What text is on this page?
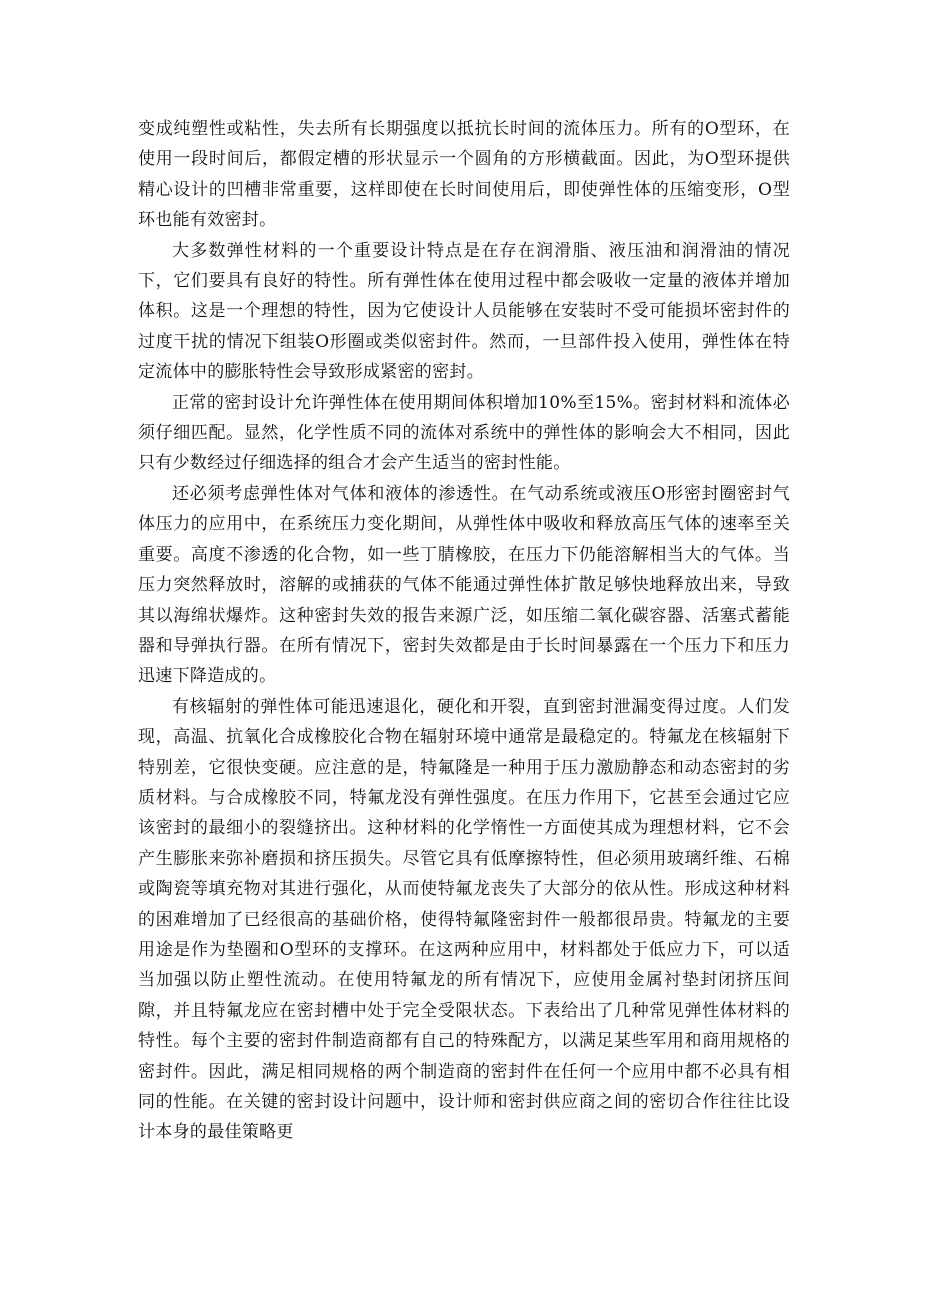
变成纯塑性或粘性，失去所有长期强度以抵抗长时间的流体压力。所有的O型环，在使用一段时间后，都假定槽的形状显示一个圆角的方形横截面。因此，为O型环提供精心设计的凹槽非常重要，这样即使在长时间使用后，即使弹性体的压缩变形，O型环也能有效密封。

大多数弹性材料的一个重要设计特点是在存在润滑脂、液压油和润滑油的情况下，它们要具有良好的特性。所有弹性体在使用过程中都会吸收一定量的液体并增加体积。这是一个理想的特性，因为它使设计人员能够在安装时不受可能损坏密封件的过度干扰的情况下组装O形圈或类似密封件。然而，一旦部件投入使用，弹性体在特定流体中的膨胀特性会导致形成紧密的密封。

正常的密封设计允许弹性体在使用期间体积增加10%至15%。密封材料和流体必须仔细匹配。显然，化学性质不同的流体对系统中的弹性体的影响会大不相同，因此只有少数经过仔细选择的组合才会产生适当的密封性能。

还必须考虑弹性体对气体和液体的渗透性。在气动系统或液压O形密封圈密封气体压力的应用中，在系统压力变化期间，从弹性体中吸收和释放高压气体的速率至关重要。高度不渗透的化合物，如一些丁腈橡胶，在压力下仍能溶解相当大的气体。当压力突然释放时，溶解的或捕获的气体不能通过弹性体扩散足够快地释放出来，导致其以海绵状爆炸。这种密封失效的报告来源广泛，如压缩二氧化碳容器、活塞式蓄能器和导弹执行器。在所有情况下，密封失效都是由于长时间暴露在一个压力下和压力迅速下降造成的。

有核辐射的弹性体可能迅速退化，硬化和开裂，直到密封泄漏变得过度。人们发现，高温、抗氧化合成橡胶化合物在辐射环境中通常是最稳定的。特氟龙在核辐射下特别差，它很快变硬。应注意的是，特氟隆是一种用于压力激励静态和动态密封的劣质材料。与合成橡胶不同，特氟龙没有弹性强度。在压力作用下，它甚至会通过它应该密封的最细小的裂缝挤出。这种材料的化学惰性一方面使其成为理想材料，它不会产生膨胀来弥补磨损和挤压损失。尽管它具有低摩擦特性，但必须用玻璃纤维、石棉或陶瓷等填充物对其进行强化，从而使特氟龙丧失了大部分的依从性。形成这种材料的困难增加了已经很高的基础价格，使得特氟隆密封件一般都很昂贵。特氟龙的主要用途是作为垫圈和O型环的支撑环。在这两种应用中，材料都处于低应力下，可以适当加强以防止塑性流动。在使用特氟龙的所有情况下，应使用金属衬垫封闭挤压间隙，并且特氟龙应在密封槽中处于完全受限状态。下表给出了几种常见弹性体材料的特性。每个主要的密封件制造商都有自己的特殊配方，以满足某些军用和商用规格的密封件。因此，满足相同规格的两个制造商的密封件在任何一个应用中都不必具有相同的性能。在关键的密封设计问题中，设计师和密封供应商之间的密切合作往往比设计本身的最佳策略更
